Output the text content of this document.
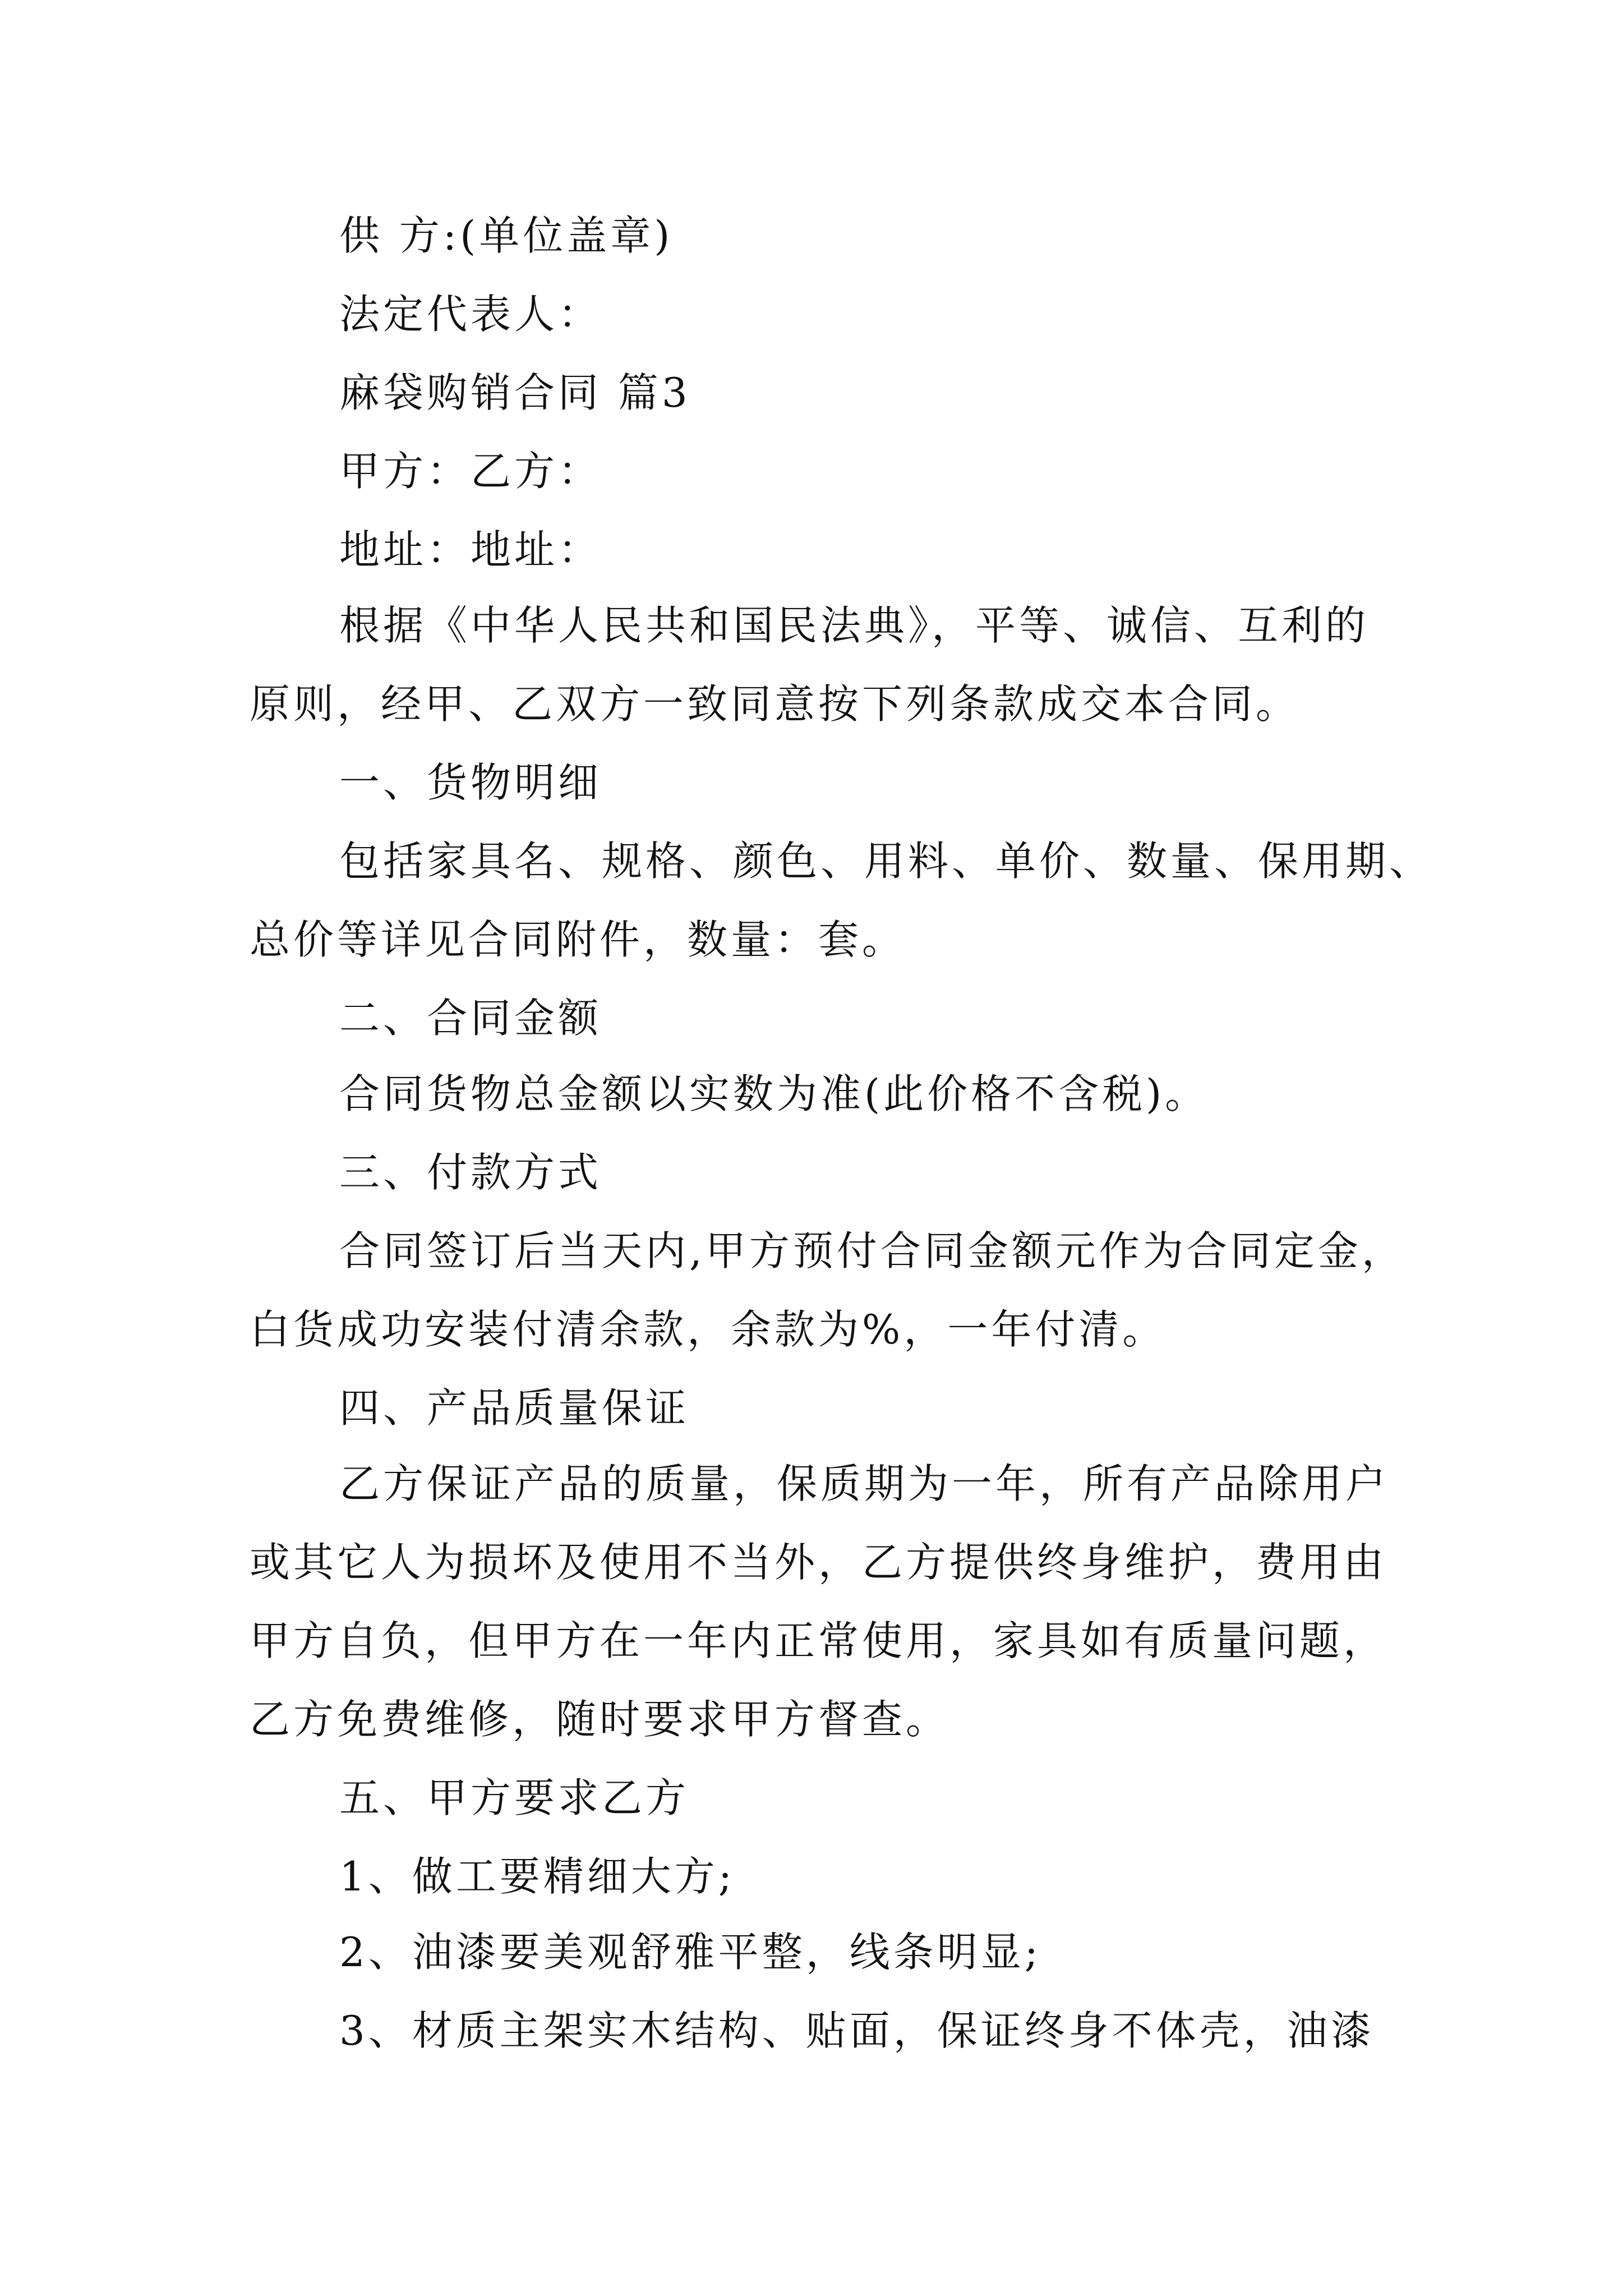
供 方:(单位盖章)
法定代表人：
麻袋购销合同 篇3
甲方：乙方：
地址：地址：
根据《中华人民共和国民法典》，平等、诚信、互利的
原则，经甲、乙双方一致同意按下列条款成交本合同。
一、货物明细
包括家具名、规格、颜色、用料、单价、数量、保用期、
总价等详见合同附件，数量：套。
二、合同金额
合同货物总金额以实数为准(此价格不含税)。
三、付款方式
合同签订后当天内,甲方预付合同金额元作为合同定金，
白货成功安装付清余款，余款为%，一年付清。
四、产品质量保证
乙方保证产品的质量，保质期为一年，所有产品除用户
或其它人为损坏及使用不当外，乙方提供终身维护，费用由
甲方自负，但甲方在一年内正常使用，家具如有质量问题，
乙方免费维修，随时要求甲方督查。
五、甲方要求乙方
1、做工要精细大方;
2、油漆要美观舒雅平整，线条明显;
3、材质主架实木结构、贴面，保证终身不体壳，油漆
